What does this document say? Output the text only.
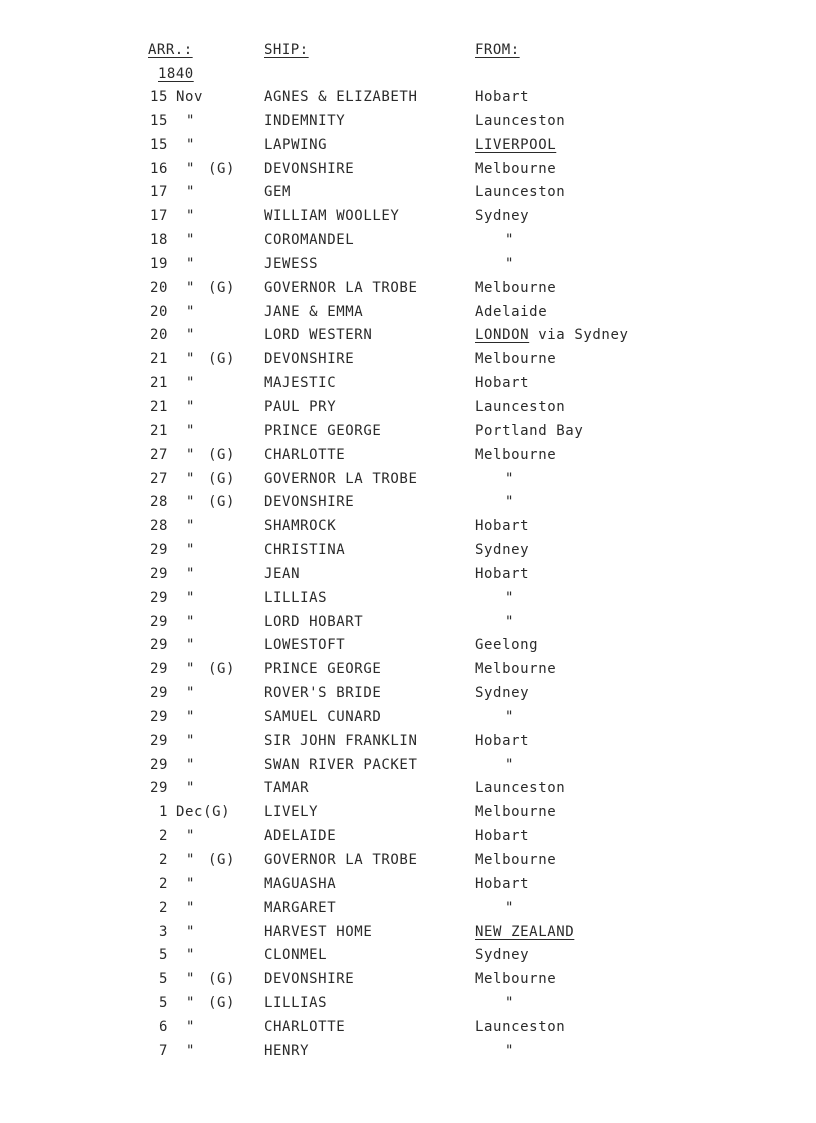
ARR.:	SHIP:	FROM:
1840
15 Nov	AGNES & ELIZABETH	Hobart
15 "	INDEMNITY	Launceston
15 "	LAPWING	LIVERPOOL
16 " (G) DEVONSHIRE	Melbourne
17 "	GEM	Launceston
17 "	WILLIAM WOOLLEY	Sydney
18 "	COROMANDEL	"
19 "	JEWESS	"
20 " (G) GOVERNOR LA TROBE	Melbourne
20 "	JANE & EMMA	Adelaide
20 "	LORD WESTERN	LONDON via Sydney
21 " (G) DEVONSHIRE	Melbourne
21 "	MAJESTIC	Hobart
21 "	PAUL PRY	Launceston
21 "	PRINCE GEORGE	Portland Bay
27 " (G) CHARLOTTE	Melbourne
27 " (G) GOVERNOR LA TROBE	"
28 " (G) DEVONSHIRE	"
28 "	SHAMROCK	Hobart
29 "	CHRISTINA	Sydney
29 "	JEAN	Hobart
29 "	LILLIAS	"
29 "	LORD HOBART	"
29 "	LOWESTOFT	Geelong
29 " (G) PRINCE GEORGE	Melbourne
29 "	ROVER'S BRIDE	Sydney
29 "	SAMUEL CUNARD	"
29 "	SIR JOHN FRANKLIN	Hobart
29 "	SWAN RIVER PACKET	"
29 "	TAMAR	Launceston
1 Dec(G) LIVELY	Melbourne
2 "	ADELAIDE	Hobart
2 " (G) GOVERNOR LA TROBE	Melbourne
2 "	MAGUASHA	Hobart
2 "	MARGARET	"
3 "	HARVEST HOME	NEW ZEALAND
5 "	CLONMEL	Sydney
5 " (G) DEVONSHIRE	Melbourne
5 " (G) LILLIAS	"
6 "	CHARLOTTE	Launceston
7 "	HENRY	"
